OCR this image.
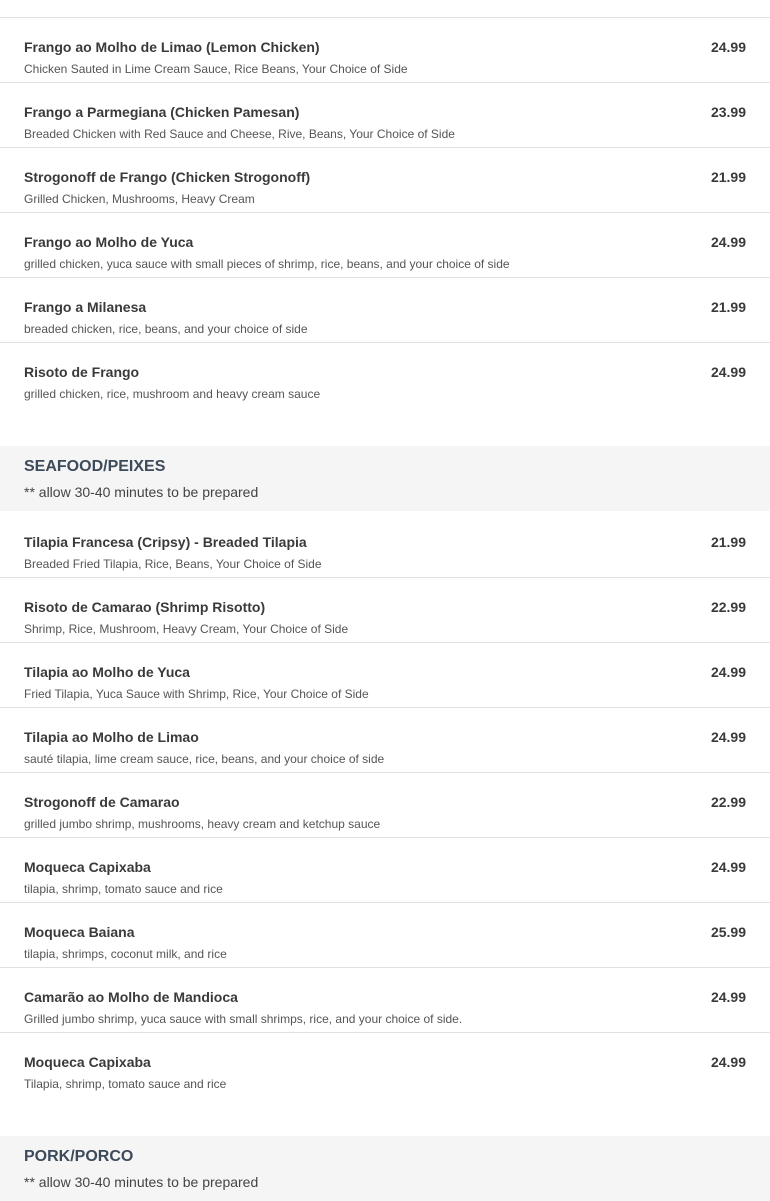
Frango ao Molho de Limao (Lemon Chicken)	24.99
Chicken Sauted in Lime Cream Sauce, Rice Beans, Your Choice of Side
Frango a Parmegiana (Chicken Pamesan)	23.99
Breaded Chicken with Red Sauce and Cheese, Rive, Beans, Your Choice of Side
Strogonoff de Frango (Chicken Strogonoff)	21.99
Grilled Chicken, Mushrooms, Heavy Cream
Frango ao Molho de Yuca	24.99
grilled chicken, yuca sauce with small pieces of shrimp, rice, beans, and your choice of side
Frango a Milanesa	21.99
breaded chicken, rice, beans, and your choice of side
Risoto de Frango	24.99
grilled chicken, rice, mushroom and heavy cream sauce
SEAFOOD/PEIXES
** allow 30-40 minutes to be prepared
Tilapia Francesa (Cripsy) - Breaded Tilapia	21.99
Breaded Fried Tilapia, Rice, Beans, Your Choice of Side
Risoto de Camarao (Shrimp Risotto)	22.99
Shrimp, Rice, Mushroom, Heavy Cream, Your Choice of Side
Tilapia ao Molho de Yuca	24.99
Fried Tilapia, Yuca Sauce with Shrimp, Rice, Your Choice of Side
Tilapia ao Molho de Limao	24.99
sauté tilapia, lime cream sauce, rice, beans, and your choice of side
Strogonoff de Camarao	22.99
grilled jumbo shrimp, mushrooms, heavy cream and ketchup sauce
Moqueca Capixaba	24.99
tilapia, shrimp, tomato sauce and rice
Moqueca Baiana	25.99
tilapia, shrimps, coconut milk, and rice
Camarão ao Molho de Mandioca	24.99
Grilled jumbo shrimp, yuca sauce with small shrimps, rice, and your choice of side.
Moqueca Capixaba	24.99
Tilapia, shrimp, tomato sauce and rice
PORK/PORCO
** allow 30-40 minutes to be prepared
